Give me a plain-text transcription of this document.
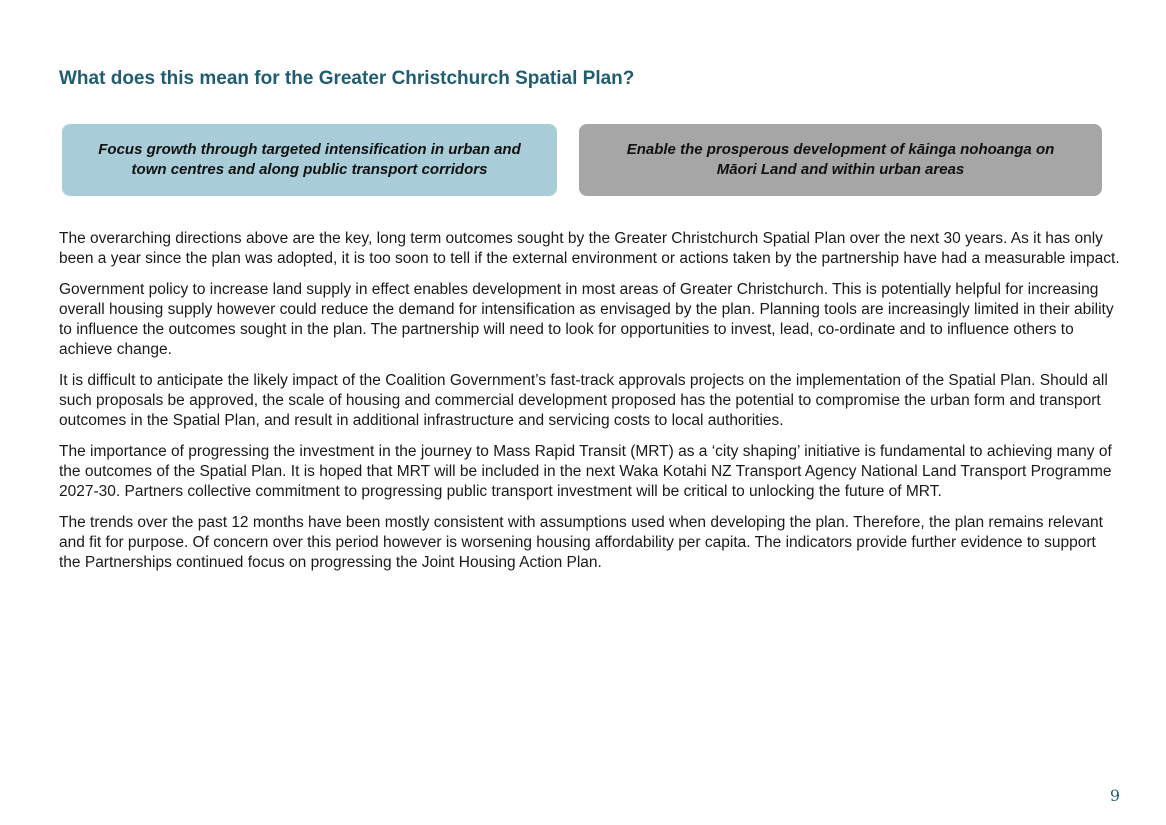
What does this mean for the Greater Christchurch Spatial Plan?
Focus growth through targeted intensification in urban and town centres and along public transport corridors
Enable the prosperous development of kāinga nohoanga on Māori Land and within urban areas

The overarching directions above are the key, long term outcomes sought by the Greater Christchurch Spatial Plan over the next 30 years. As it has only been a year since the plan was adopted, it is too soon to tell if the external environment or actions taken by the partnership have had a measurable impact.

Government policy to increase land supply in effect enables development in most areas of Greater Christchurch. This is potentially helpful for increasing overall housing supply however could reduce the demand for intensification as envisaged by the plan. Planning tools are increasingly limited in their ability to influence the outcomes sought in the plan. The partnership will need to look for opportunities to invest, lead, co-ordinate and to influence others to achieve change.

It is difficult to anticipate the likely impact of the Coalition Government’s fast-track approvals projects on the implementation of the Spatial Plan. Should all such proposals be approved, the scale of housing and commercial development proposed has the potential to compromise the urban form and transport outcomes in the Spatial Plan, and result in additional infrastructure and servicing costs to local authorities.

The importance of progressing the investment in the journey to Mass Rapid Transit (MRT) as a ‘city shaping’ initiative is fundamental to achieving many of the outcomes of the Spatial Plan. It is hoped that MRT will be included in the next Waka Kotahi NZ Transport Agency National Land Transport Programme 2027-30. Partners collective commitment to progressing public transport investment will be critical to unlocking the future of MRT.

The trends over the past 12 months have been mostly consistent with assumptions used when developing the plan. Therefore, the plan remains relevant and fit for purpose. Of concern over this period however is worsening housing affordability per capita. The indicators provide further evidence to support the Partnerships continued focus on progressing the Joint Housing Action Plan.

9
